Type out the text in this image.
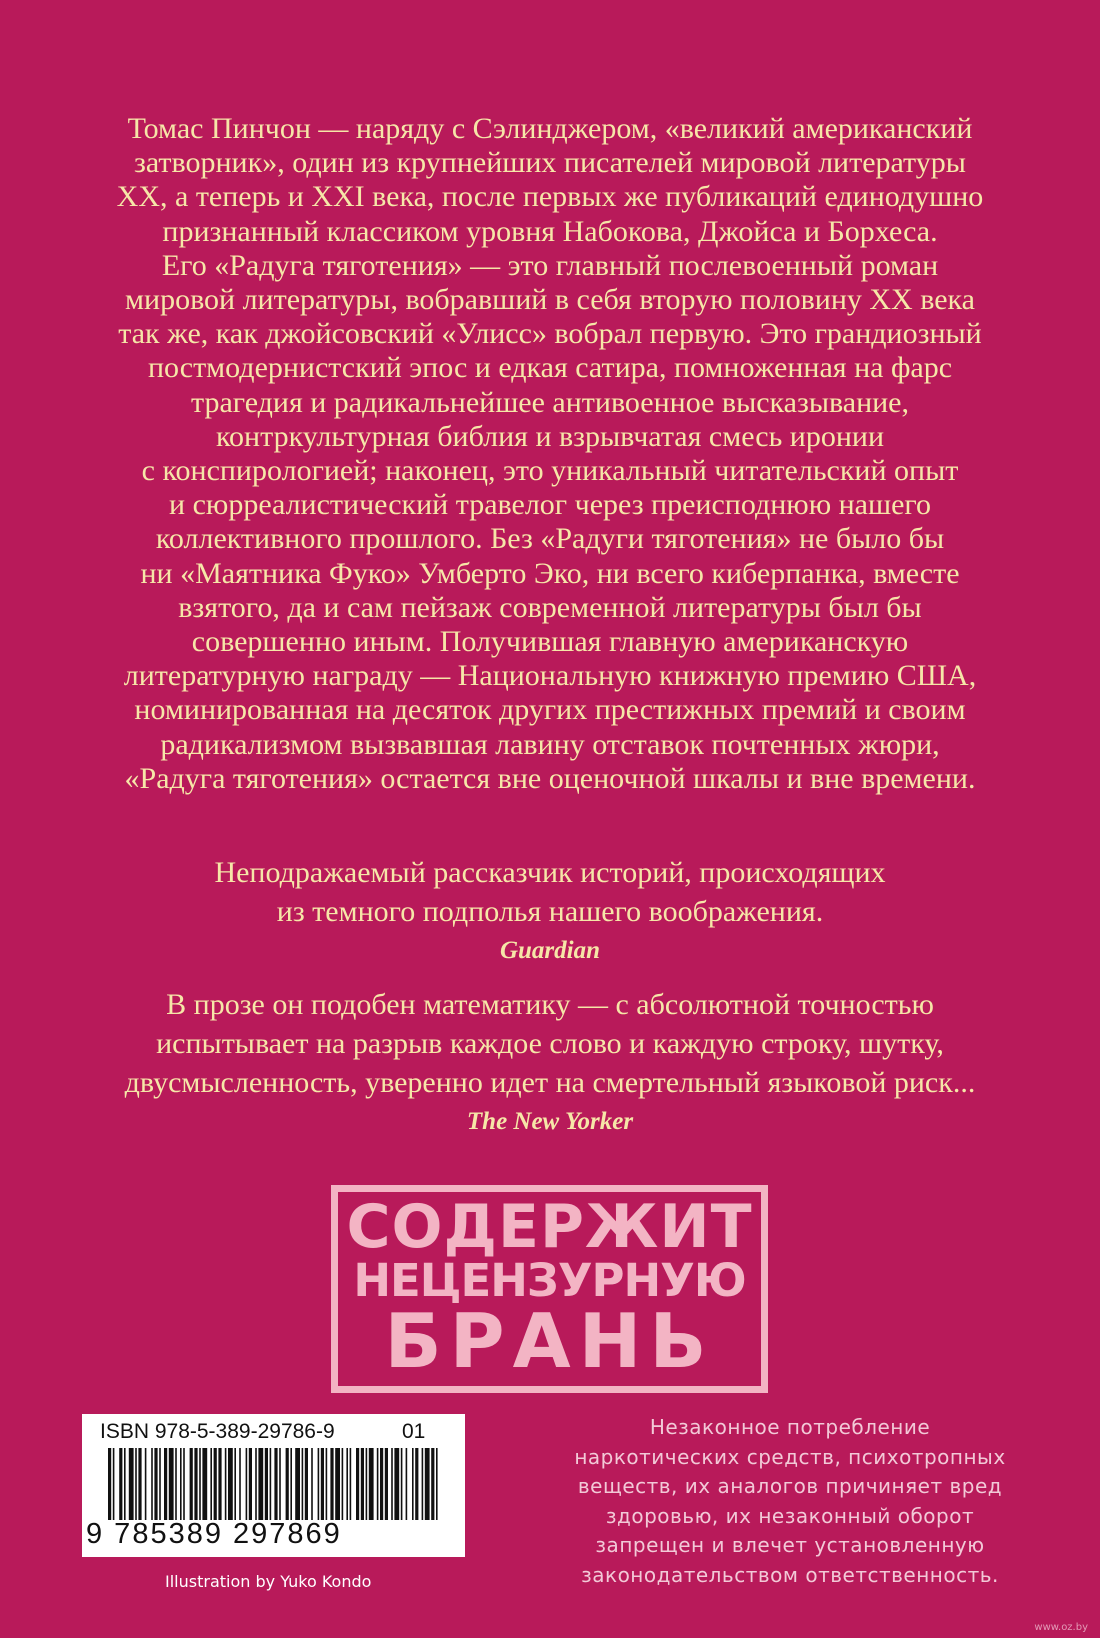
Томас Пинчон — наряду с Сэлинджером, «великий американский
затворник», один из крупнейших писателей мировой литературы
XX, а теперь и XXI века, после первых же публикаций единодушно
признанный классиком уровня Набокова, Джойса и Борхеса.
Его «Радуга тяготения» — это главный послевоенный роман
мировой литературы, вобравший в себя вторую половину XX века
так же, как джойсовский «Улисс» вобрал первую. Это грандиозный
постмодернистский эпос и едкая сатира, помноженная на фарс
трагедия и радикальнейшее антивоенное высказывание,
контркультурная библия и взрывчатая смесь иронии
с конспирологией; наконец, это уникальный читательский опыт
и сюрреалистический травелог через преисподнюю нашего
коллективного прошлого. Без «Радуги тяготения» не было бы
ни «Маятника Фуко» Умберто Эко, ни всего киберпанка, вместе
взятого, да и сам пейзаж современной литературы был бы
совершенно иным. Получившая главную американскую
литературную награду — Национальную книжную премию США,
номинированная на десяток других престижных премий и своим
радикализмом вызвавшая лавину отставок почтенных жюри,
«Радуга тяготения» остается вне оценочной шкалы и вне времени.

Неподражаемый рассказчик историй, происходящих
из темного подполья нашего воображения.
Guardian

В прозе он подобен математику — с абсолютной точностью
испытывает на разрыв каждое слово и каждую строку, шутку,
двусмысленность, уверенно идет на смертельный языковой риск...
The New Yorker

СОДЕРЖИТ
НЕЦЕНЗУРНУЮ
БРАНЬ
ISBN 978-5-389-29786-9	01
9 785389 297869
Illustration by Yuko Kondo

Незаконное потребление
наркотических средств, психотропных
веществ, их аналогов причиняет вред
здоровью, их незаконный оборот
запрещен и влечет установленную
законодательством ответственность.

www.oz.by
